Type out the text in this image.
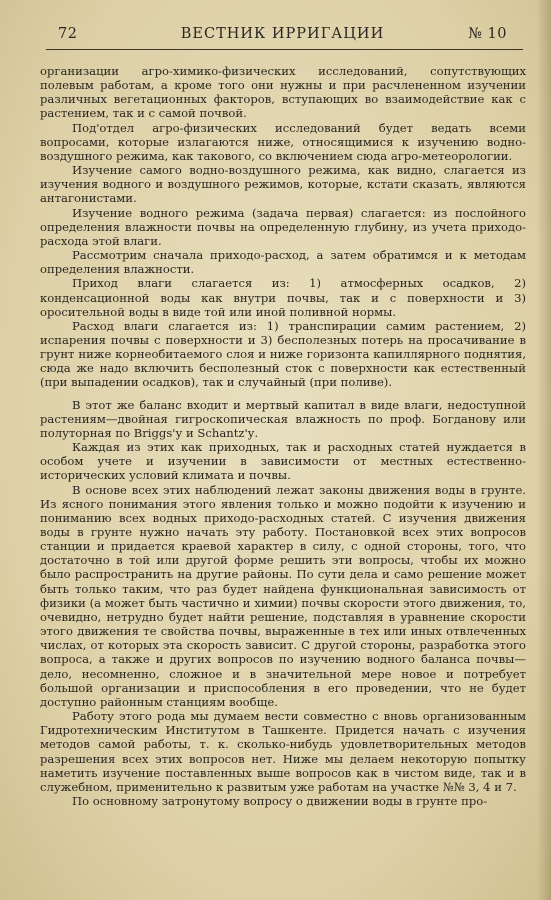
72	ВЕСТНИК ИРРИГАЦИИ	№ 10

организации агро-химико-физических исследований, сопутствующих полевым работам, а кроме того они нужны и при расчлененном изучении различных вегетационных факторов, вступающих во взаимодействие как с растением, так и с самой почвой.

Под'отдел агро-физических исследований будет ведать всеми вопросами, которые излагаются ниже, относящимися к изучению водно-воздушного режима, как такового, со включением сюда агро-метеорологии.

Изучение самого водно-воздушного режима, как видно, слагается из изучения водного и воздушного режимов, которые, кстати сказать, являются антагонистами.

Изучение водного режима (задача первая) слагается: из послойного определения влажности почвы на определенную глубину, из учета приходо-расхода этой влаги.

Рассмотрим сначала приходо-расход, а затем обратимся и к методам определения влажности.

Приход влаги слагается из: 1) атмосферных осадков, 2) конденсационной воды как внутри почвы, так и с поверхности и 3) оросительной воды в виде той или иной поливной нормы.

Расход влаги слагается из: 1) транспирации самим растением, 2) испарения почвы с поверхности и 3) бесполезных потерь на просачивание в грунт ниже корнеобитаемого слоя и ниже горизонта капиллярного поднятия, сюда же надо включить бесполезный сток с поверхности как естественный (при выпадении осадков), так и случайный (при поливе).

В этот же баланс входит и мертвый капитал в виде влаги, недоступной растениям—двойная гигроскопическая влажность по проф. Богданову или полуторная по Briggs'у и Schantz'у.

Каждая из этих как приходных, так и расходных статей нуждается в особом учете и изучении в зависимости от местных естественно-исторических условий климата и почвы.

В основе всех этих наблюдений лежат законы движения воды в грунте. Из ясного понимания этого явления только и можно подойти к изучению и пониманию всех водных приходо-расходных статей. С изучения движения воды в грунте нужно начать эту работу. Постановкой всех этих вопросов станции и придается краевой характер в силу, с одной стороны, того, что достаточно в той или другой форме решить эти вопросы, чтобы их можно было распространить на другие районы. По сути дела и само решение может быть только таким, что раз будет найдена функциональная зависимость от физики (а может быть частично и химии) почвы скорости этого движения, то, очевидно, нетрудно будет найти решение, подставляя в уравнение скорости этого движения те свойства почвы, выраженные в тех или иных отвлеченных числах, от которых эта скорость зависит. С другой стороны, разработка этого вопроса, а также и других вопросов по изучению водного баланса почвы—дело, несомненно, сложное и в значительной мере новое и потребует большой организации и приспособления в его проведении, что не будет доступно районным станциям вообще.

Работу этого рода мы думаем вести совместно с вновь организованным Гидротехническим Институтом в Ташкенте. Придется начать с изучения методов самой работы, т. к. сколько-нибудь удовлетворительных методов разрешения всех этих вопросов нет. Ниже мы делаем некоторую попытку наметить изучение поставленных выше вопросов как в чистом виде, так и в служебном, применительно к развитым уже работам на участке №№ 3, 4 и 7.

По основному затронутому вопросу о движении воды в грунте про-
